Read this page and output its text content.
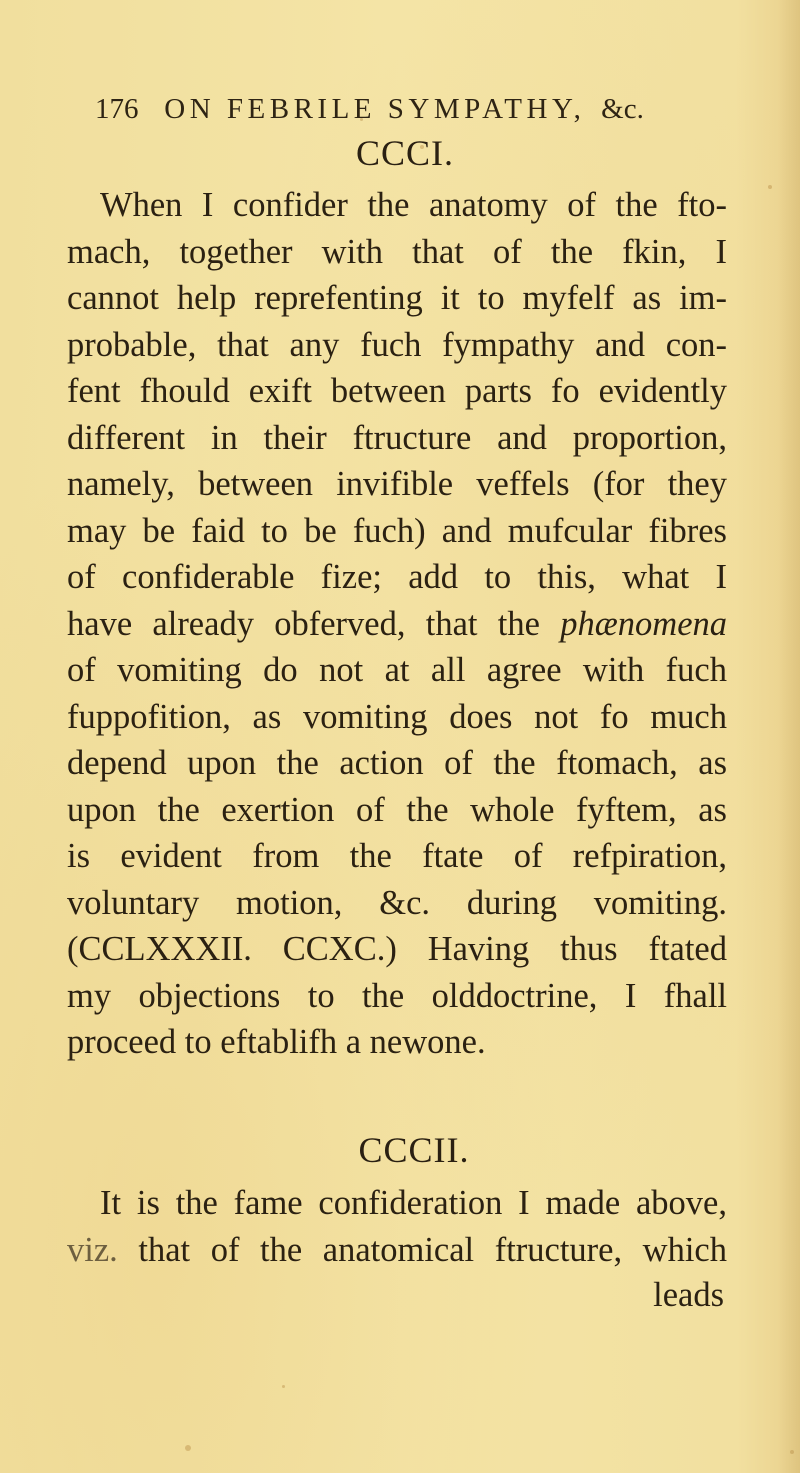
176 ON FEBRILE SYMPATHY, &c.
CCCI.
When I confider the anatomy of the fto-
mach, together with that of the fkin, I
cannot help reprefenting it to myfelf as im-
probable, that any fuch fympathy and con-
fent fhould exift between parts fo evidently
different in their ftructure and proportion,
namely, between invifible veffels (for they
may be faid to be fuch) and mufcular fibres
of confiderable fize; add to this, what I
have already obferved, that the phænomena
of vomiting do not at all agree with fuch
fuppofition, as vomiting does not fo much
depend upon the action of the ftomach, as
upon the exertion of the whole fyftem, as
is evident from the ftate of refpiration,
voluntary motion, &c. during vomiting.
(CCLXXXII. CCXC.) Having thus ftated
my objections to the olddoctrine, I fhall
proceed to eftablifh a newone.
CCCII.
It is the fame confideration I made above,
viz. that of the anatomical ftructure, which
leads
